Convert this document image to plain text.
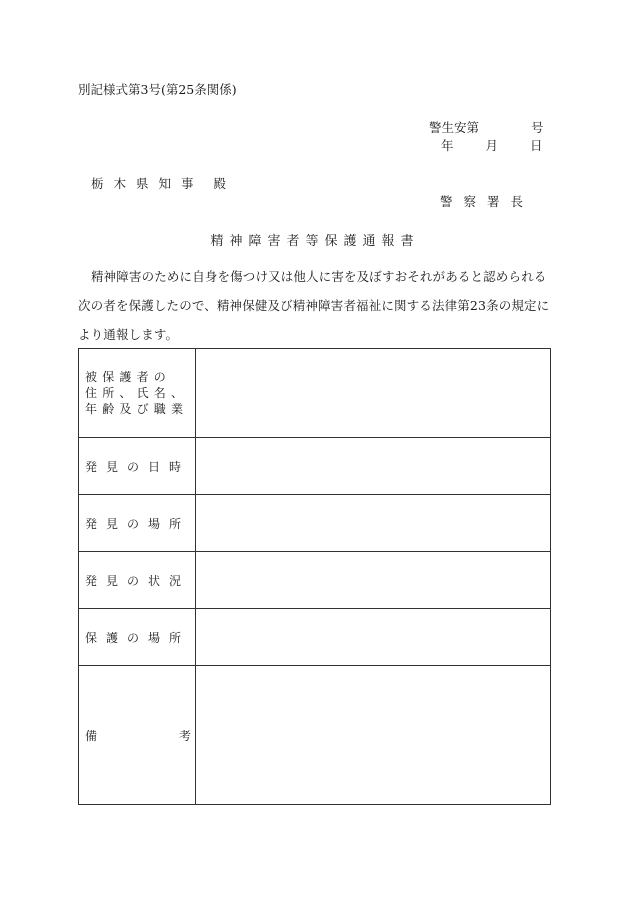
別記様式第3号(第25条関係)
警生安第	号
年	月	日
栃木県知事 殿
警察署長
精神障害者等保護通報書
精神障害のために自身を傷つけ又は他人に害を及ぼすおそれがあると認められる次の者を保護したので、精神保健及び精神障害者福祉に関する法律第23条の規定により通報します。
被保護者の
住所、氏名、
年齢及び職業	

発見の日時	
発見の場所	
発見の状況	
保護の場所	

備 考	
